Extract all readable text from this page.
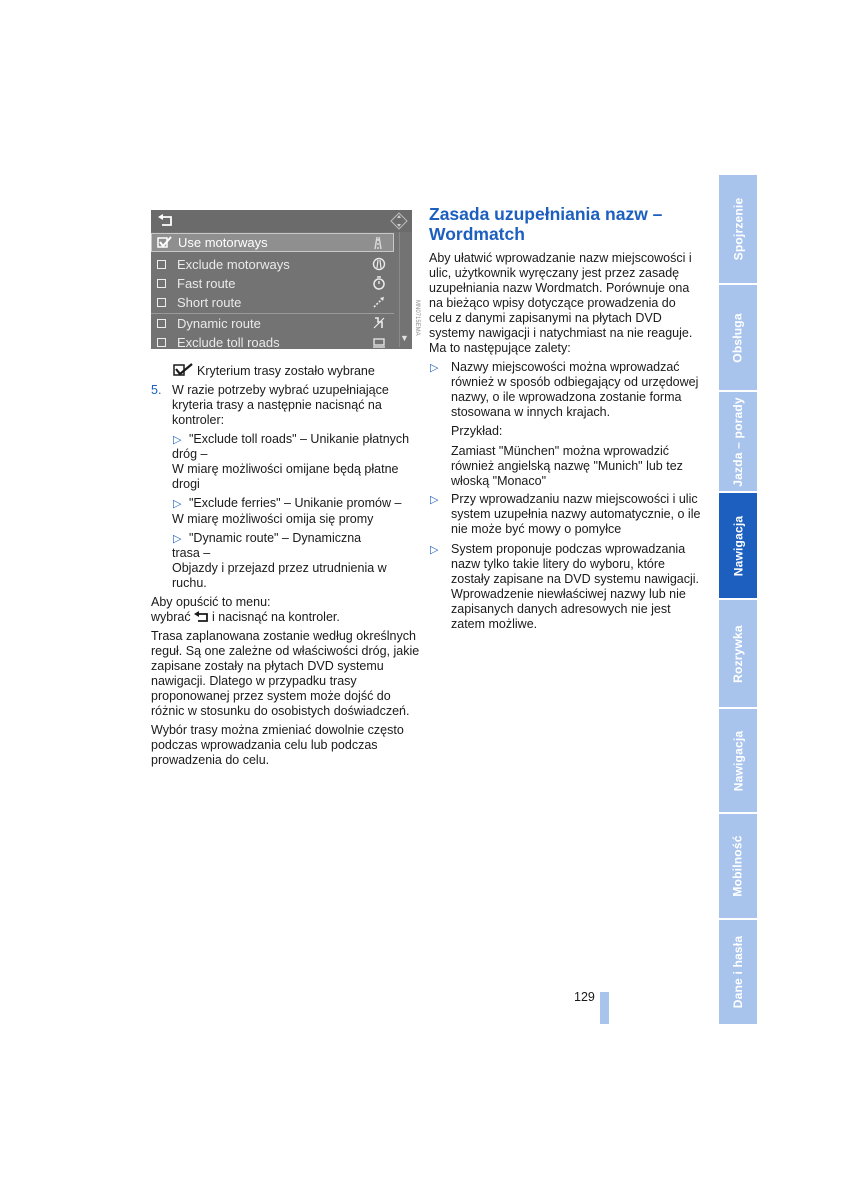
Spojrzenie
Obsługa
Jazda – porady
Nawigacja
Rozrywka
Nawigacja
Mobilność
Dane i hasła
Use motorways
Exclude motorways
Fast route
Short route
Dynamic route
Exclude toll roads	▼
MN0715EMA
Kryterium trasy zostało wybrane
5. W razie potrzeby wybrać uzupełniające
kryteria trasy a następnie nacisnąć na
kontroler:
▷ "Exclude toll roads" – Unikanie płatnych
dróg –
W miarę możliwości omijane będą płatne
drogi
▷ "Exclude ferries" – Unikanie promów –
W miarę możliwości omija się promy
▷ "Dynamic route" – Dynamiczna
trasa –
Objazdy i przejazd przez utrudnienia w
ruchu.
Aby opuścić to menu:
wybrać i nacisnąć na kontroler.
Trasa zaplanowana zostanie według określnych
reguł. Są one zależne od właściwości dróg, jakie
zapisane zostały na płytach DVD systemu
nawigacji. Dlatego w przypadku trasy
proponowanej przez system może dojść do
różnic w stosunku do osobistych doświadczeń.
Wybór trasy można zmieniać dowolnie często
podczas wprowadzania celu lub podczas
prowadzenia do celu.
Zasada uzupełniania nazw –
Wordmatch
Aby ułatwić wprowadzanie nazw miejscowości i
ulic, użytkownik wyręczany jest przez zasadę
uzupełniania nazw Wordmatch. Porównuje ona
na bieżąco wpisy dotyczące prowadzenia do
celu z danymi zapisanymi na płytach DVD
systemy nawigacji i natychmiast na nie reaguje.
Ma to następujące zalety:
▷ Nazwy miejscowości można wprowadzać
również w sposób odbiegający od urzędowej
nazwy, o ile wprowadzona zostanie forma
stosowana w innych krajach.
Przykład:
Zamiast "München" można wprowadzić
również angielską nazwę "Munich" lub tez
włoską "Monaco"
▷ Przy wprowadzaniu nazw miejscowości i ulic
system uzupełnia nazwy automatycznie, o ile
nie może być mowy o pomyłce
▷ System proponuje podczas wprowadzania
nazw tylko takie litery do wyboru, które
zostały zapisane na DVD systemu nawigacji.
Wprowadzenie niewłaściwej nazwy lub nie
zapisanych danych adresowych nie jest
zatem możliwe.
129
